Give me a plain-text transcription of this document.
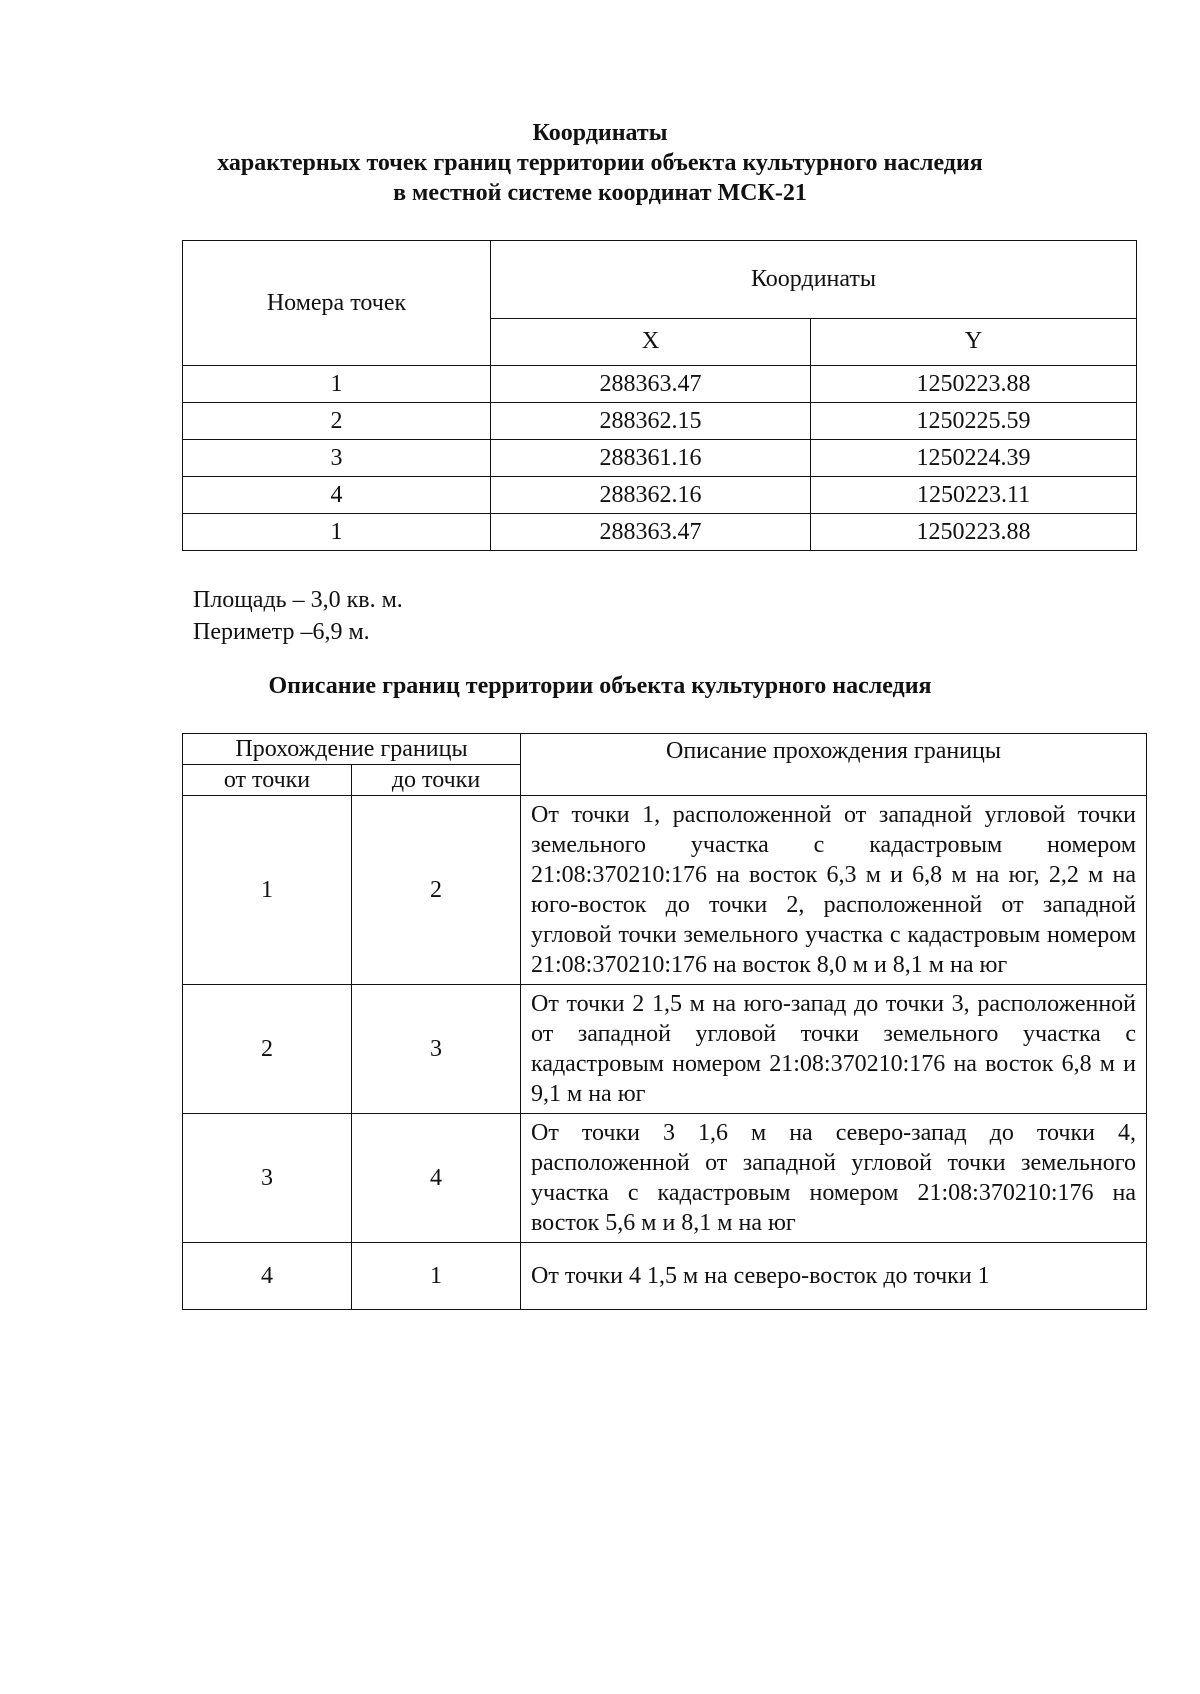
Координаты
характерных точек границ территории объекта культурного наследия
в местной системе координат МСК-21
Номера точек	Координаты	
	X	Y
1	288363.47	1250223.88
2	288362.15	1250225.59
3	288361.16	1250224.39
4	288362.16	1250223.11
1	288363.47	1250223.88
Площадь – 3,0 кв. м.
Периметр –6,9 м.
Описание границ территории объекта культурного наследия
Прохождение границы		Описание прохождения границы
от точки	до точки	
1	2	От точки 1, расположенной от западной угловой точки земельного участка с кадастровым номером 21:08:370210:176 на восток 6,3 м и 6,8 м на юг, 2,2 м на юго-восток до точки 2, расположенной от западной угловой точки земельного участка с кадастровым номером 21:08:370210:176 на восток 8,0 м и 8,1 м на юг
2	3	От точки 2 1,5 м на юго-запад до точки 3, расположенной от западной угловой точки земельного участка с кадастровым номером 21:08:370210:176 на восток 6,8 м и 9,1 м на юг
3	4	От точки 3 1,6 м на северо-запад до точки 4, расположенной от западной угловой точки земельного участка с кадастровым номером 21:08:370210:176 на восток 5,6 м и 8,1 м на юг
4	1	От точки 4 1,5 м на северо-восток до точки 1
